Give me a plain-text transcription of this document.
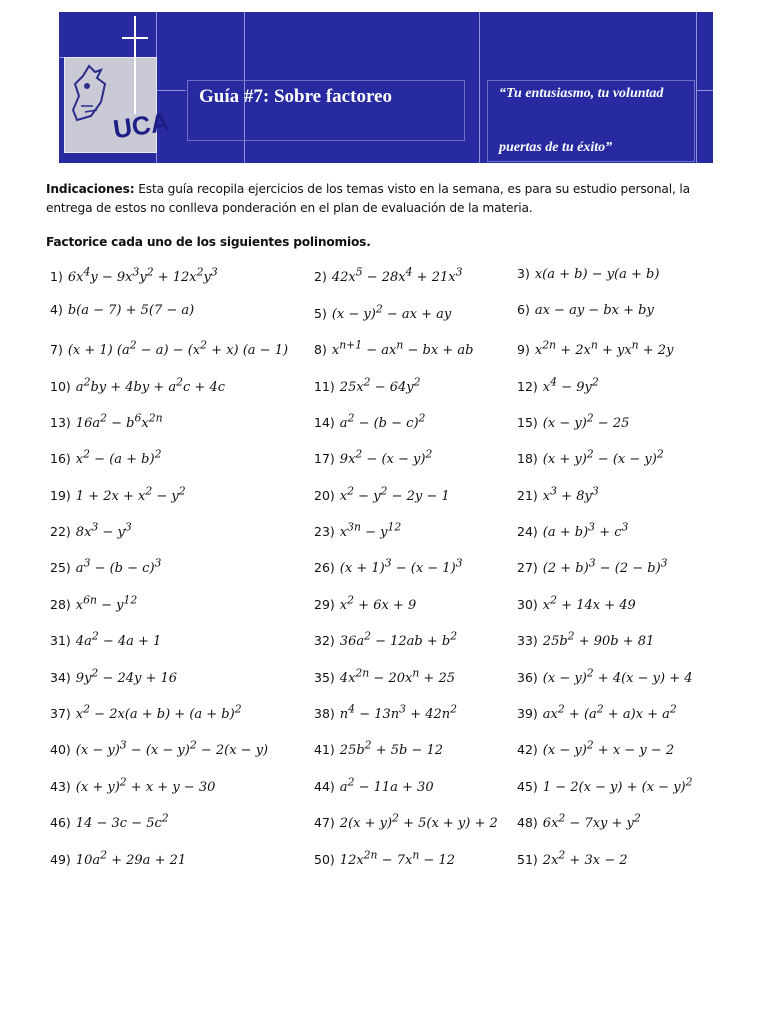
UCA
Guía #7: Sobre factoreo	“Tu entusiasmo, tu voluntad
puertas de tu éxito”
Indicaciones: Esta guía recopila ejercicios de los temas visto en la semana, es para su estudio personal, la entrega de estos no conlleva ponderación en el plan de evaluación de la materia.
Factorice cada uno de los siguientes polinomios.
1) $6x^4y - 9x^3y^2 + 12x^2y^3$	2) $42x^5 - 28x^4 + 21x^3$	3) x(a + b) − y(a + b)
4) b(a − 7) + 5(7 − a)	5) $(x - y)^2$ − ax + ay	6) ax − ay − bx + by
7) (x + 1) $(a^2 - a) - (x^2 + x) (a - 1)$ 8) $x^{n+1} - ax^n$ − bx + ab	9) $x^{2n} + 2x^n + yx^n + 2y$
10) $a^2by + 4by + a^2c + 4c$	11) $25x^2 - 64y^2$	12) $x^4 - 9y^2$
13) $16a^2 - b^6x^{2n}$	14) $a^2 - (b - c)^2$	15) $(x - y)^2 - 25$
16) $x^2 - (a + b)^2$	17) $9x^2 - (x - y)^2$	18) $(x + y)^2 - (x - y)^2$
19) $1 + 2x + x^2 - y^2$	20) $x^2 - y^2 - 2y - 1$	21) $x^3 + 8y^3$
22) $8x^3 - y^3$	23) $x^{3n} - y^{12}$	24) $(a + b)^3 + c^3$
25) $a^3 - (b - c)^3$	26) $(x + 1)^3 - (x - 1)^3$	27) $(2 + b)^3 - (2 - b)^3$
28) $x^{6n} - y^{12}$	29) $x^2 + 6x + 9$	30) $x^2 + 14x + 49$
31) $4a^2 - 4a + 1$	32) $36a^2 - 12ab + b^2$	33) $25b^2 + 90b + 81$
34) $9y^2 - 24y + 16$	35) $4x^{2n} - 20x^n + 25$	36) $(x - y)^2 + 4(x - y) + 4$
37) $x^2 - 2x(a + b) + (a + b)^2$	38) $n^4 - 13n^3 + 42n^2$	39) $ax^2 + (a^2 + a)x + a^2$
40) $(x - y)^3 - (x - y)^2 - 2(x - y)$	41) $25b^2 + 5b - 12$	42) $(x - y)^2 + x - y - 2$
43) $(x + y)^2 + x + y - 30$	44) $a^2 - 11a + 30$	45) $1 - 2(x - y) + (x - y)^2$
46) $14 - 3c - 5c^2$	47) $2(x + y)^2 + 5(x + y) + 2$ 48) $6x^2 - 7xy + y^2$
49) $10a^2 + 29a + 21$	50) $12x^{2n} - 7x^n - 12$	51) $2x^2 + 3x - 2$
